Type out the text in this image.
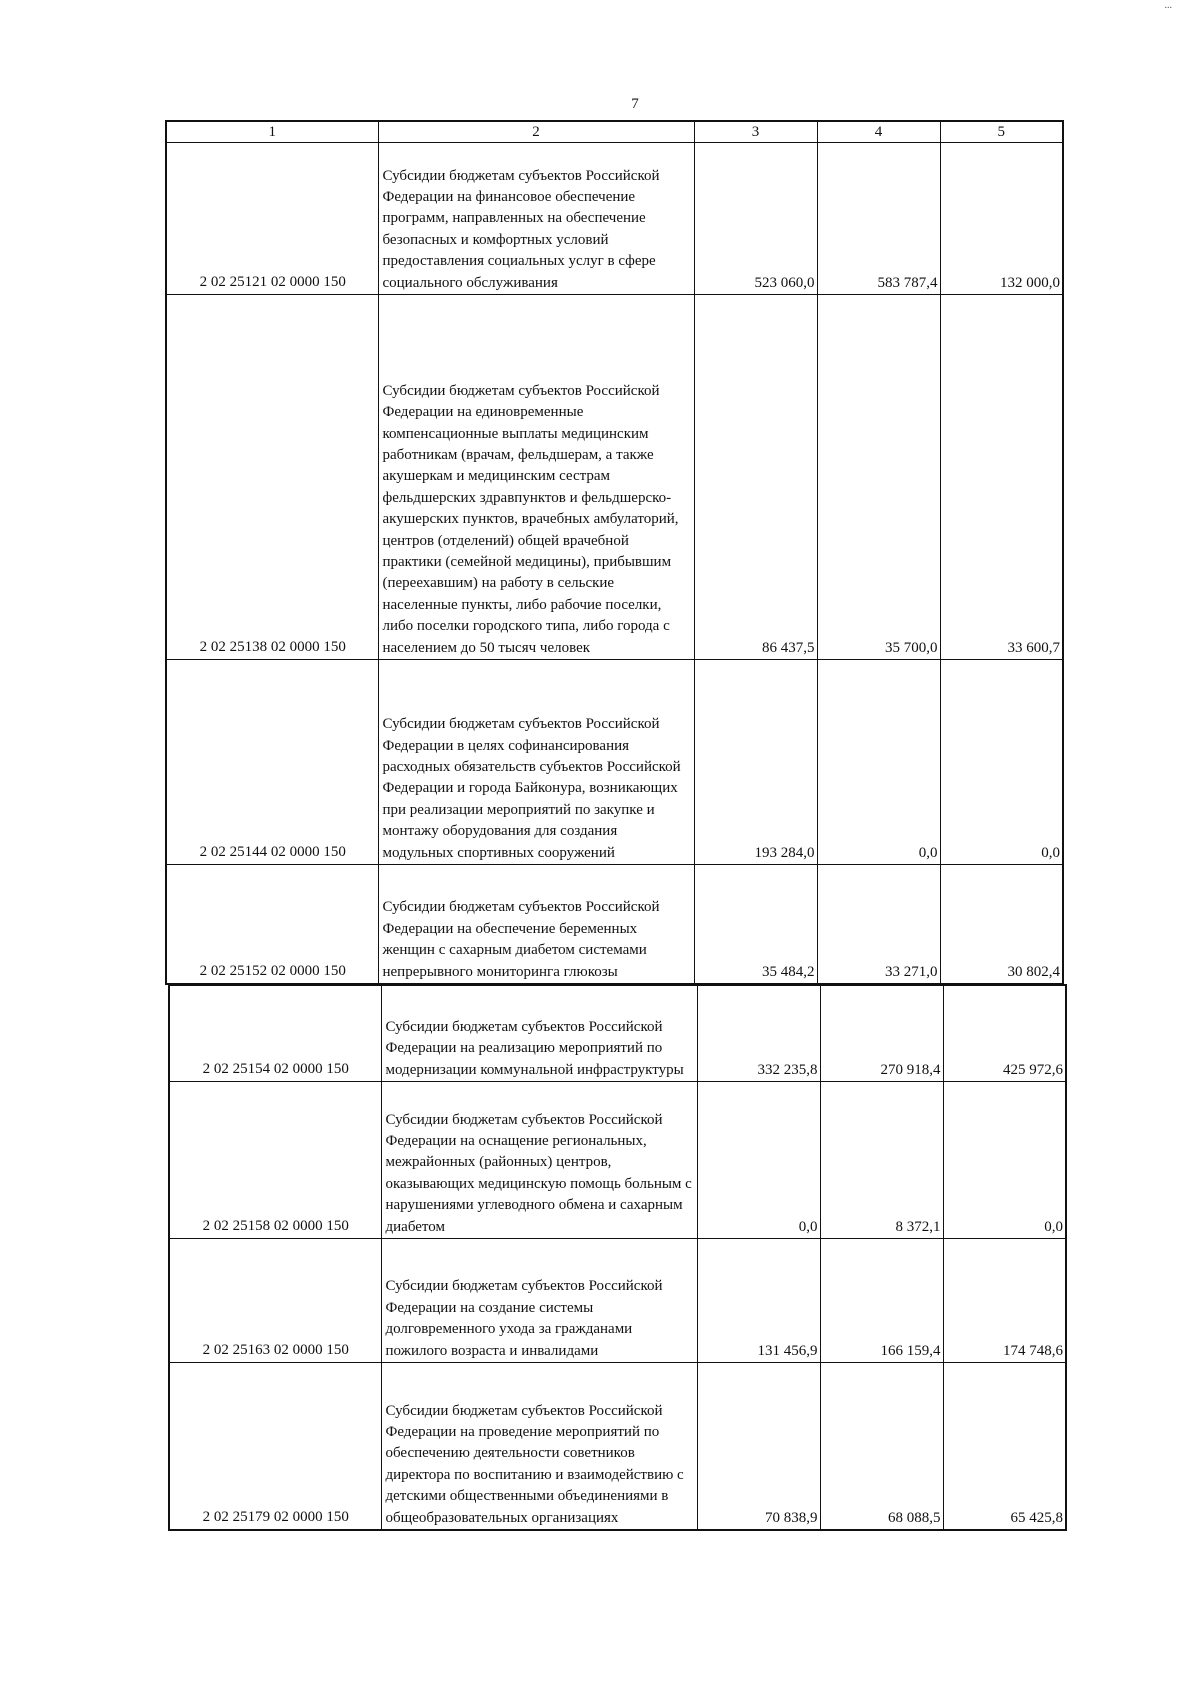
...
7
1	2	3	4	5
2 02 25121 02 0000 150	Субсидии бюджетам субъектов Российской Федерации на финансовое обеспечение программ, направленных на обеспечение безопасных и комфортных условий предоставления социальных услуг в сфере социального обслуживания	523 060,0	583 787,4	132 000,0
2 02 25138 02 0000 150	Субсидии бюджетам субъектов Российской Федерации на единовременные компенсационные выплаты медицинским работникам (врачам, фельдшерам, а также акушеркам и медицинским сестрам фельдшерских здравпунктов и фельдшерско-акушерских пунктов, врачебных амбулаторий, центров (отделений) общей врачебной практики (семейной медицины), прибывшим (переехавшим) на работу в сельские населенные пункты, либо рабочие поселки, либо поселки городского типа, либо города с населением до 50 тысяч человек	86 437,5	35 700,0	33 600,7
2 02 25144 02 0000 150	Субсидии бюджетам субъектов Российской Федерации в целях софинансирования расходных обязательств субъектов Российской Федерации и города Байконура, возникающих при реализации мероприятий по закупке и монтажу оборудования для создания модульных спортивных сооружений	193 284,0	0,0	0,0
2 02 25152 02 0000 150	Субсидии бюджетам субъектов Российской Федерации на обеспечение беременных женщин с сахарным диабетом системами непрерывного мониторинга глюкозы	35 484,2	33 271,0	30 802,4
2 02 25154 02 0000 150	Субсидии бюджетам субъектов Российской Федерации на реализацию мероприятий по модернизации коммунальной инфраструктуры	332 235,8	270 918,4	425 972,6
2 02 25158 02 0000 150	Субсидии бюджетам субъектов Российской Федерации на оснащение региональных, межрайонных (районных) центров, оказывающих медицинскую помощь больным с нарушениями углеводного обмена и сахарным диабетом	0,0	8 372,1	0,0
2 02 25163 02 0000 150	Субсидии бюджетам субъектов Российской Федерации на создание системы долговременного ухода за гражданами пожилого возраста и инвалидами	131 456,9	166 159,4	174 748,6
2 02 25179 02 0000 150	Субсидии бюджетам субъектов Российской Федерации на проведение мероприятий по обеспечению деятельности советников директора по воспитанию и взаимодействию с детскими общественными объединениями в общеобразовательных организациях	70 838,9	68 088,5	65 425,8
